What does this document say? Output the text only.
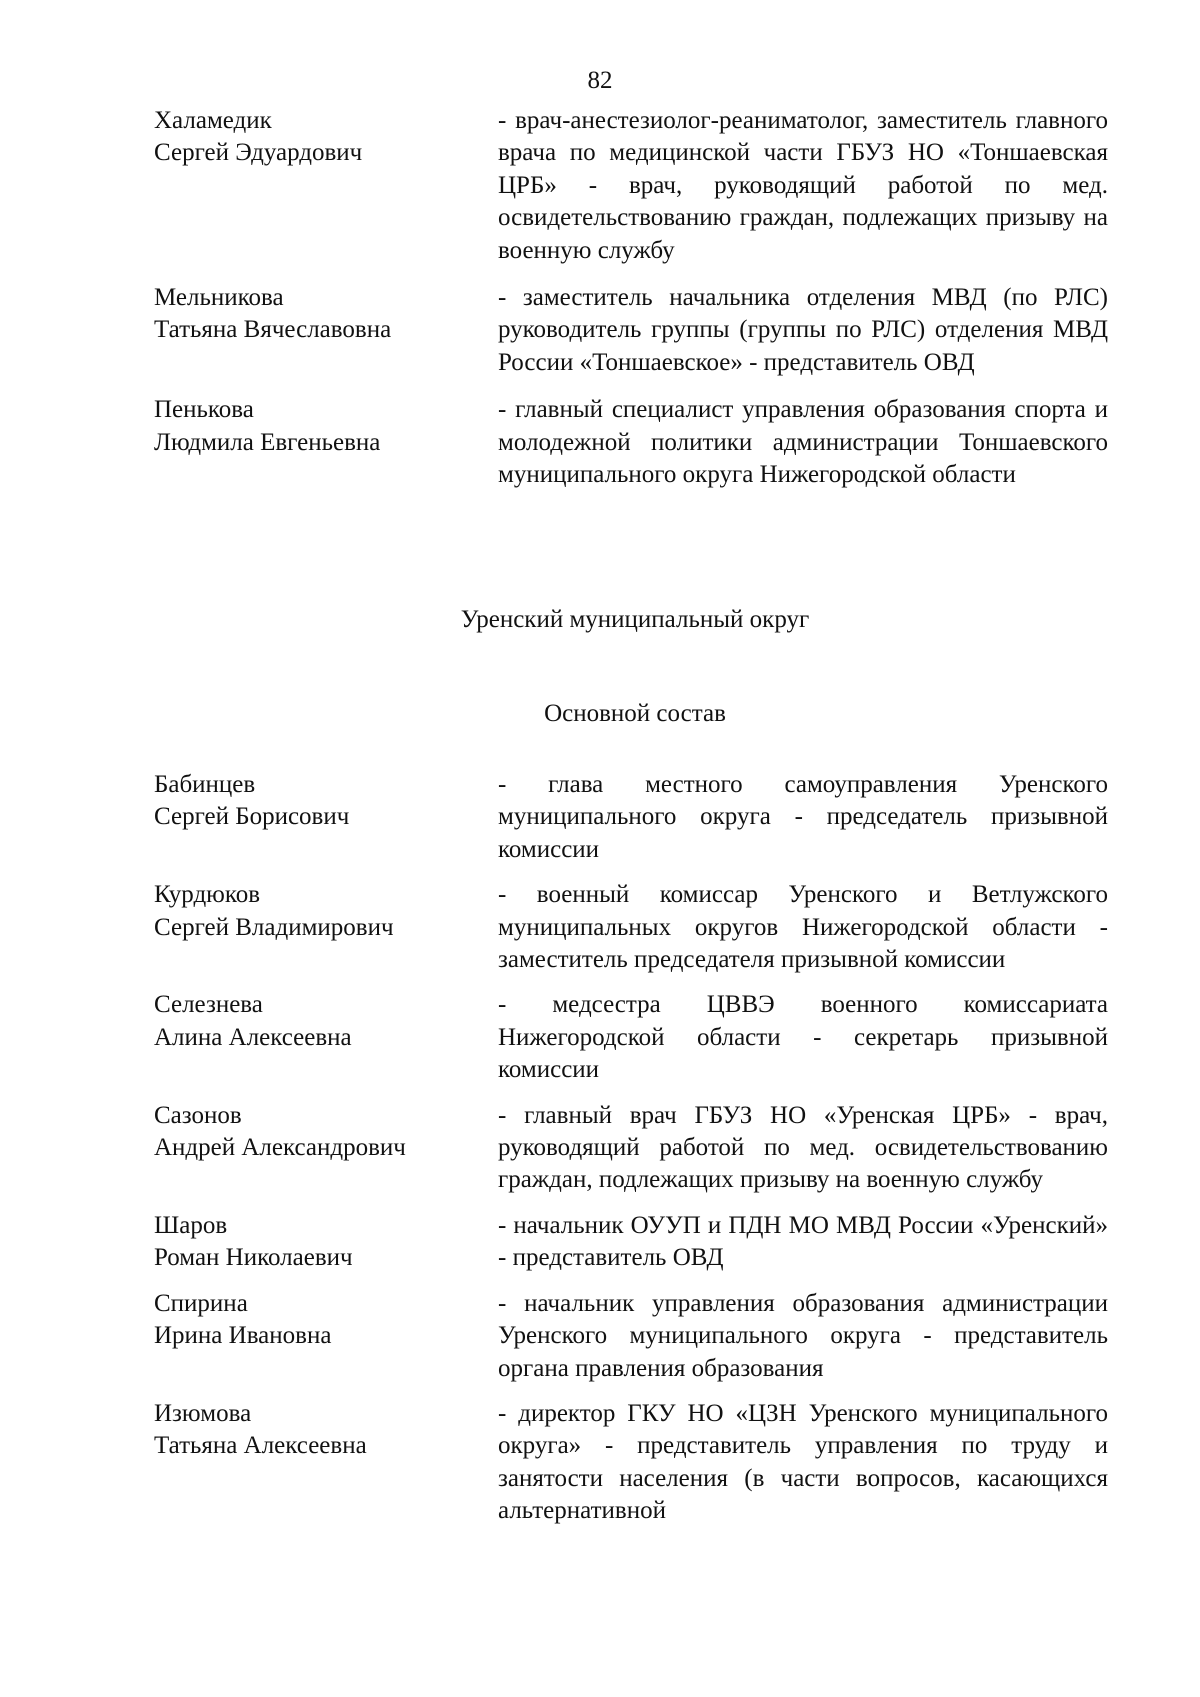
82
Халамедик
Сергей Эдуардович
- врач-анестезиолог-реаниматолог, заместитель главного врача по медицинской части ГБУЗ НО «Тоншаевская ЦРБ» - врач, руководящий работой по мед. освидетельствованию граждан, подлежащих призыву на военную службу
Мельникова
Татьяна Вячеславовна
- заместитель начальника отделения МВД (по РЛС) руководитель группы (группы по РЛС) отделения МВД России «Тоншаевское» - представитель ОВД
Пенькова
Людмила Евгеньевна
- главный специалист управления образования спорта и молодежной политики администрации Тоншаевского муниципального округа Нижегородской области
Уренский муниципальный округ
Основной состав
Бабинцев
Сергей Борисович
- глава местного самоуправления Уренского муниципального округа - председатель призывной комиссии
Курдюков
Сергей Владимирович
- военный комиссар Уренского и Ветлужского муниципальных округов Нижегородской области - заместитель председателя призывной комиссии
Селезнева
Алина Алексеевна
- медсестра ЦВВЭ военного комиссариата Нижегородской области - секретарь призывной комиссии
Сазонов
Андрей Александрович
- главный врач ГБУЗ НО «Уренская ЦРБ» - врач, руководящий работой по мед. освидетельствованию граждан, подлежащих призыву на военную службу
Шаров
Роман Николаевич
- начальник ОУУП и ПДН МО МВД России «Уренский» - представитель ОВД
Спирина
Ирина Ивановна
- начальник управления образования администрации Уренского муниципального округа - представитель органа правления образования
Изюмова
Татьяна Алексеевна
- директор ГКУ НО «ЦЗН Уренского муниципального округа» - представитель управления по труду и занятости населения (в части вопросов, касающихся альтернативной
